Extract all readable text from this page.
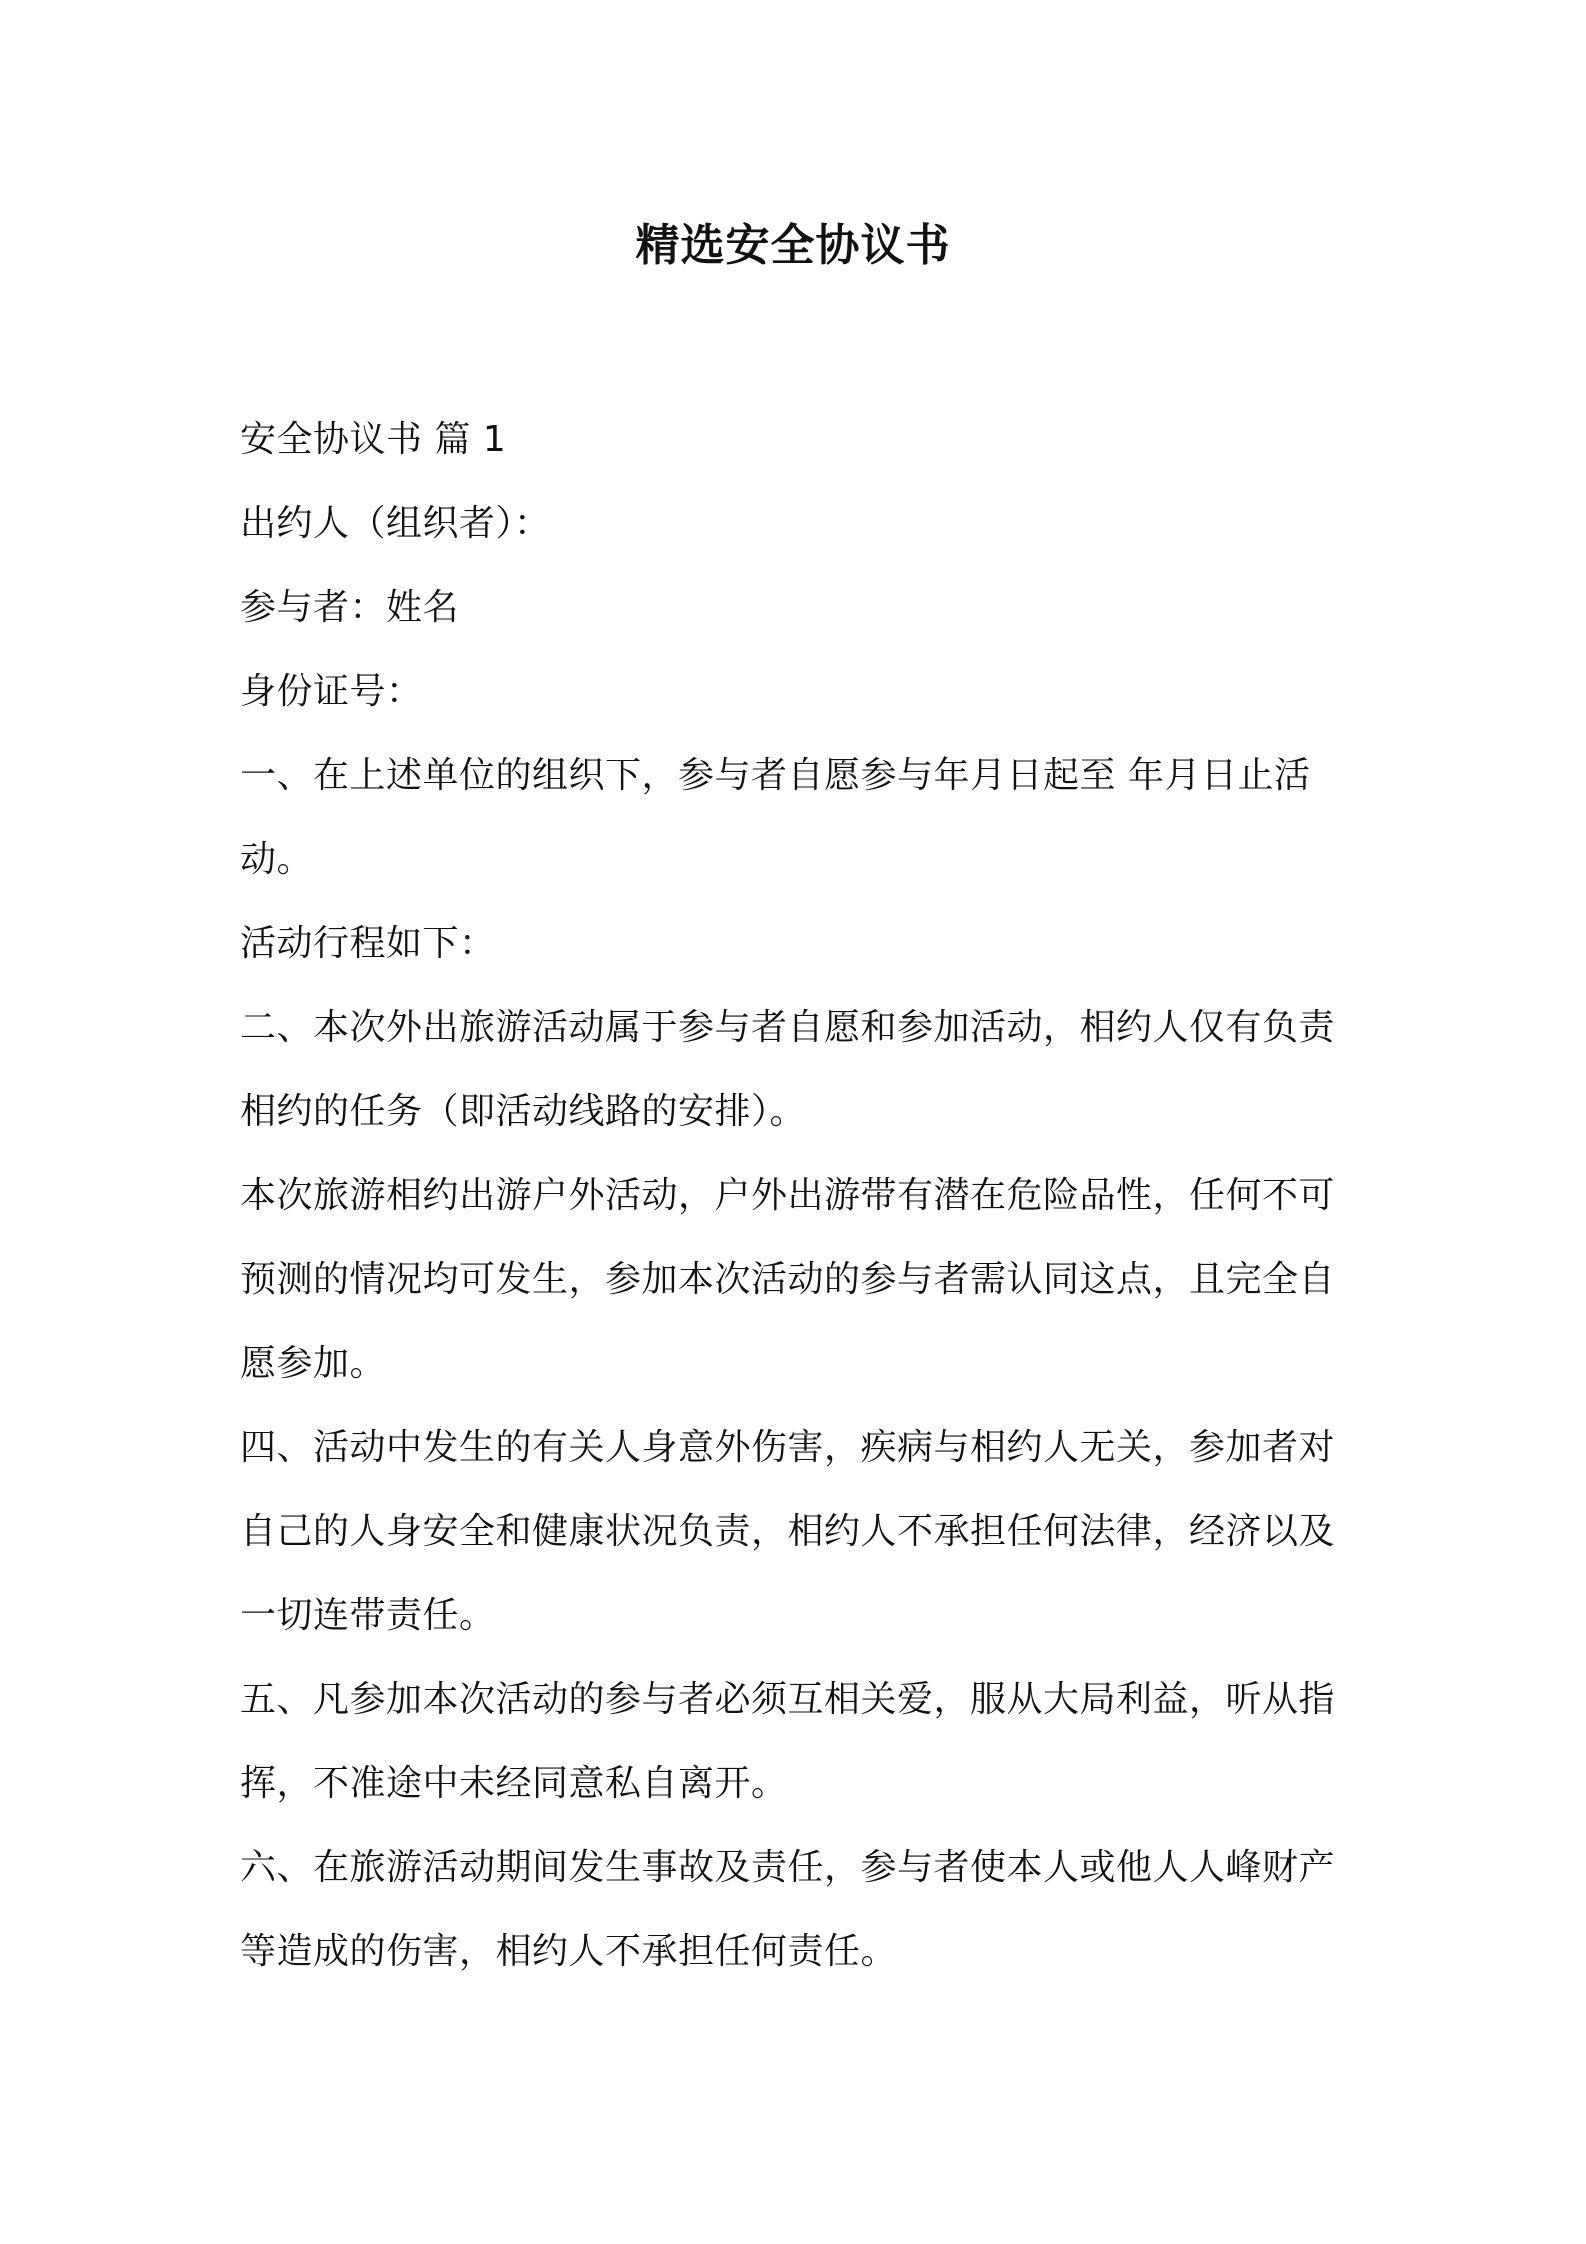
精选安全协议书
安全协议书 篇 1
出约人（组织者）：
参与者：姓名
身份证号：
一、在上述单位的组织下，参与者自愿参与年月日起至 年月日止活
动。
活动行程如下：
二、本次外出旅游活动属于参与者自愿和参加活动，相约人仅有负责
相约的任务（即活动线路的安排）。
本次旅游相约出游户外活动，户外出游带有潜在危险品性，任何不可
预测的情况均可发生，参加本次活动的参与者需认同这点，且完全自
愿参加。
四、活动中发生的有关人身意外伤害，疾病与相约人无关，参加者对
自己的人身安全和健康状况负责，相约人不承担任何法律，经济以及
一切连带责任。
五、凡参加本次活动的参与者必须互相关爱，服从大局利益，听从指
挥，不准途中未经同意私自离开。
六、在旅游活动期间发生事故及责任，参与者使本人或他人人峰财产
等造成的伤害，相约人不承担任何责任。
